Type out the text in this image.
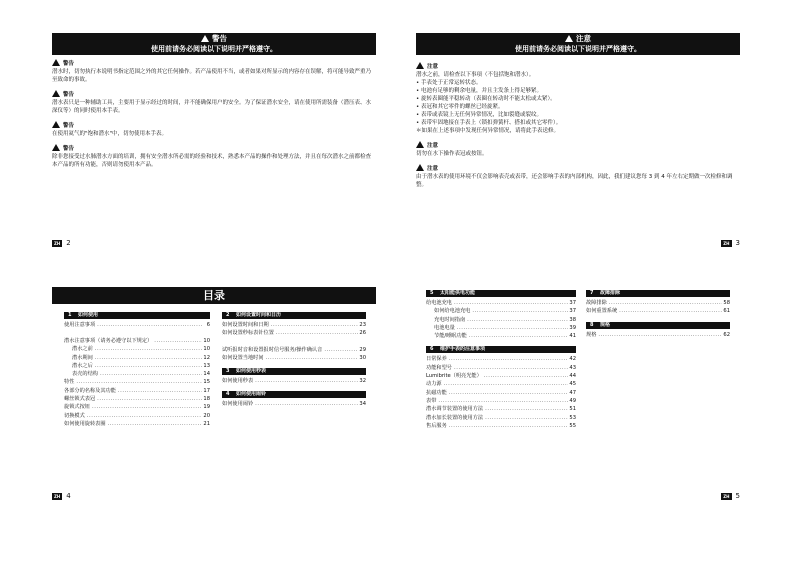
警告
使用前请务必阅读以下说明并严格遵守。
警告

潜水时，切勿执行本说明书指定范围之外的其它任何操作。若产品使用不当，或者如果对所显示的内容存在误解，将可能导致严重乃至致命的事故。

警告

潜水表只是一种辅助工具，主要用于显示经过的时间，并不能确保用户的安全。为了保证潜水安全，请在使用所需装备（潜压表、水深仪等）的同时使用本手表。

警告

在使用氦气的"饱和潜水"中，切勿使用本手表。

警告

除非您接受过水肺潜水方面的培训，拥有安全潜水所必需的经验和技术，熟悉本产品的操作和处理方法，并且在每次潜水之前都检查本产品的所有功能，否则请勿使用本产品。

ZH 2
注意
使用前请务必阅读以下说明并严格遵守。
注意

潜水之前，请检查以下事项（不包括饱和潜水）。

• 手表处于正常运转状态。
• 电池有足够的剩余电量，并且主发条上得足够紧。
• 旋转表圈能平稳转动（表圈在转动时不能太松或太紧）。
• 表冠和其它零件的螺丝已经旋紧。
• 表带或表镜上无任何异常情况，比如裂缝或裂纹。
• 表带牢固地接在手表上（锁扣弹簧杆、搭扣或其它零件）。

＊如果在上述事项中发现任何异常情况，请将此手表送修。

注意

切勿在水下操作表冠或按钮。

注意

由于潜水表的使用环境不仅会影响表壳或表带，还会影响手表的内部机构，因此，我们建议您每 3 到 4 年左右定期做一次检修和调整。

ZH 3
目录
1 如何使用
使用注意事项 .....	6
潜水注意事项（请务必遵守以下规定） .....	10
潜水之前 .....	10
潜水期间 .....	12
潜水之后 .....	13
表壳的结构 .....	14
特性 .....	15
各部分的名称及其功能 .....	17
螺丝锁式表冠 .....	18
旋锁式按钮 .....	19
切换模式 .....	20
如何使用旋转表圈 .....	21
2 如何设置时间和日历
如何设置时间和日期 .....	23
如何设置秒标表针位置 .....	26
试听报时音和设置报时信号服务/操作确认音 .....	29
如何设置当地时间 .....	30
3 如何使用秒表
如何使用秒表 .....	32
4 如何使用闹铃
如何使用闹铃 .....	34
ZH 4
5 太阳能供电功能
给电池充电 .....	37
如何给电池充电 .....	37
充电时间指南 .....	38
电池电量 .....	39
节能/睡眠功能 .....	41
6 维护手表的注意事项
日常保养 .....	42
功能和型号 .....	43
Lumibrite（明亮光能） .....	44
动力源 .....	45
抗磁功能 .....	47
表带 .....	49
潜水调节装置的使用方法 .....	51
潜水加长装置的使用方法 .....	53
售后服务 .....	55
7 故障排除
故障排除 .....	58
如何重置系统 .....	61
8 规格
规格 .....	62
ZH 5
